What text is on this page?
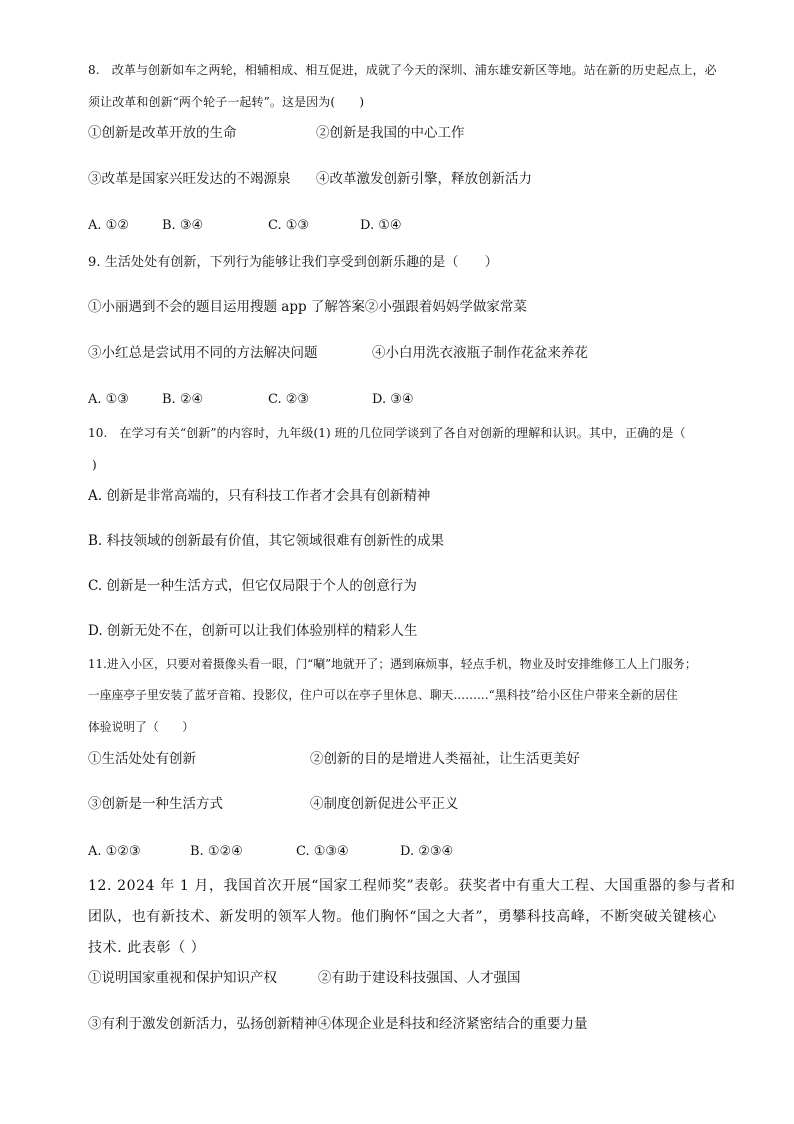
8.　改革与创新如车之两轮，相辅相成、相互促进，成就了今天的深圳、浦东雄安新区等地。站在新的历史起点上，必
须让改革和创新“两个轮子一起转”。这是因为(　　)
①创新是改革开放的生命	②创新是我国的中心工作
③改革是国家兴旺发达的不竭源泉 ④改革激发创新引擎，释放创新活力
A. ①②	B. ③④	C. ①③	D. ①④
9. 生活处处有创新，下列行为能够让我们享受到创新乐趣的是（　　）
①小丽遇到不会的题目运用搜题 app 了解答案②小强跟着妈妈学做家常菜
③小红总是尝试用不同的方法解决问题	④小白用洗衣液瓶子制作花盆来养花
A. ①③	B. ②④	C. ②③	D. ③④
10.　在学习有关“创新”的内容时，九年级(1) 班的几位同学谈到了各自对创新的理解和认识。其中，正确的是（
)
A. 创新是非常高端的，只有科技工作者才会具有创新精神
B. 科技领域的创新最有价值，其它领域很难有创新性的成果
C. 创新是一种生活方式，但它仅局限于个人的创意行为
D. 创新无处不在，创新可以让我们体验别样的精彩人生
11.进入小区，只要对着摄像头看一眼，门“唰”地就开了；遇到麻烦事，轻点手机，物业及时安排维修工人上门服务；
一座座亭子里安装了蓝牙音箱、投影仪，住户可以在亭子里休息、聊天………“黑科技”给小区住户带来全新的居住
体验说明了（　　）
①生活处处有创新	②创新的目的是增进人类福祉，让生活更美好
③创新是一种生活方式	④制度创新促进公平正义
A. ①②③	B. ①②④	C. ①③④	D. ②③④
12. 2024 年 1 月，我国首次开展“国家工程师奖”表彰。获奖者中有重大工程、大国重器的参与者和
团队，也有新技术、新发明的领军人物。他们胸怀“国之大者”，勇攀科技高峰，不断突破关键核心
技术. 此表彰（ ）
①说明国家重视和保护知识产权	②有助于建设科技强国、人才强国
③有利于激发创新活力，弘扬创新精神④体现企业是科技和经济紧密结合的重要力量
